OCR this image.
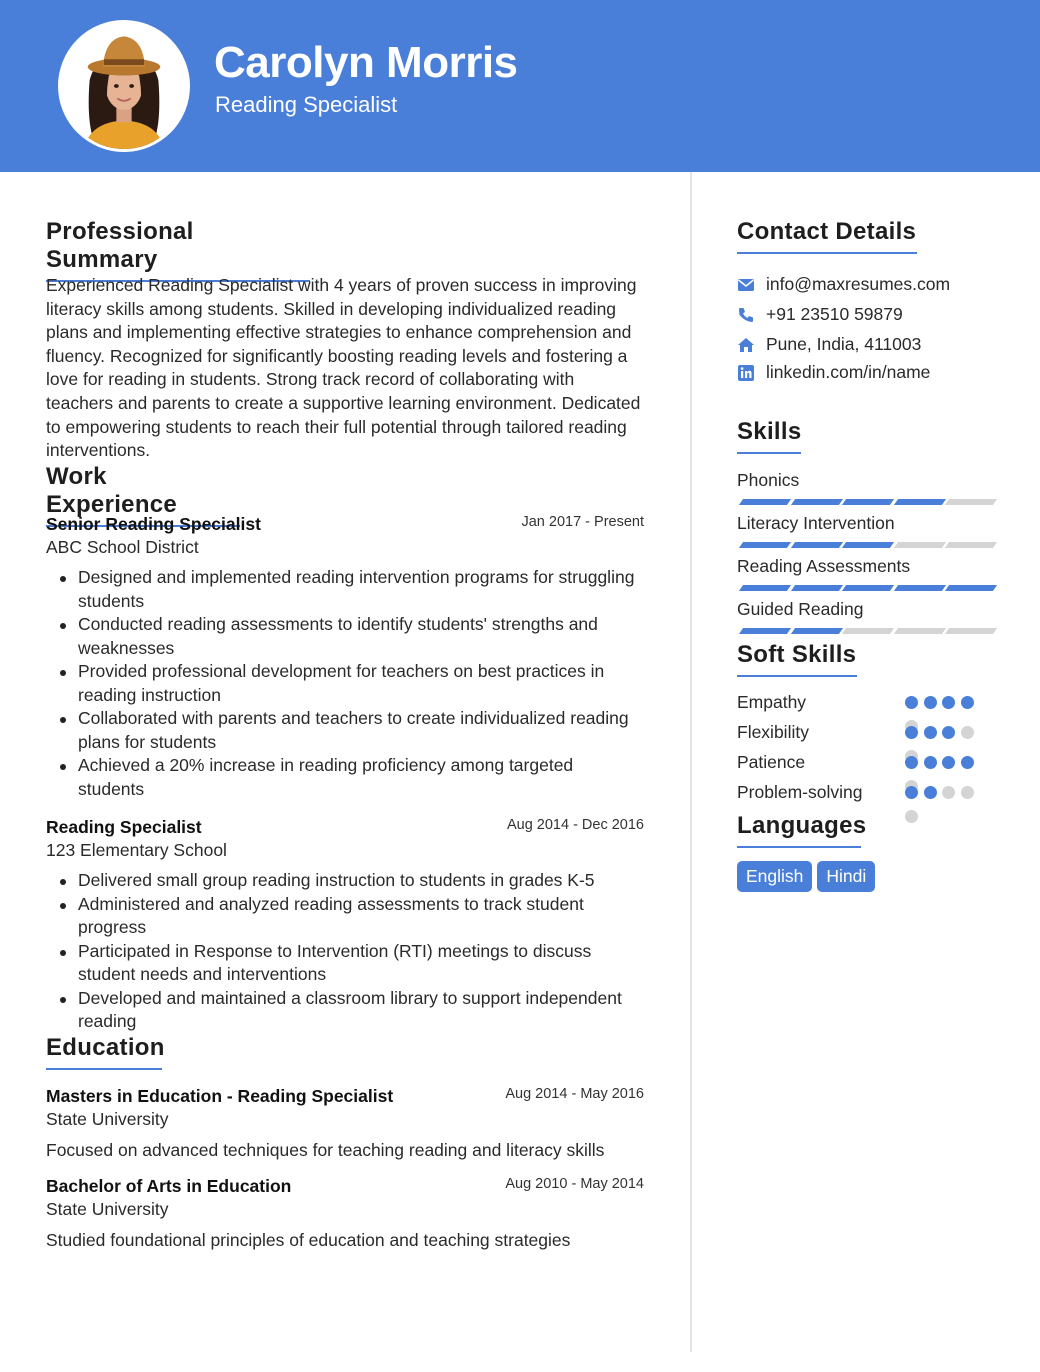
Carolyn Morris
Reading Specialist
Professional Summary
Experienced Reading Specialist with 4 years of proven success in improving literacy skills among students. Skilled in developing individualized reading plans and implementing effective strategies to enhance comprehension and fluency. Recognized for significantly boosting reading levels and fostering a love for reading in students. Strong track record of collaborating with teachers and parents to create a supportive learning environment. Dedicated to empowering students to reach their full potential through tailored reading interventions.
Work Experience
Senior Reading Specialist	Jan 2017 - Present
ABC School District
Designed and implemented reading intervention programs for struggling students
Conducted reading assessments to identify students' strengths and weaknesses
Provided professional development for teachers on best practices in reading instruction
Collaborated with parents and teachers to create individualized reading plans for students
Achieved a 20% increase in reading proficiency among targeted students
Reading Specialist	Aug 2014 - Dec 2016
123 Elementary School
Delivered small group reading instruction to students in grades K-5
Administered and analyzed reading assessments to track student progress
Participated in Response to Intervention (RTI) meetings to discuss student needs and interventions
Developed and maintained a classroom library to support independent reading
Education
Masters in Education - Reading Specialist	Aug 2014 - May 2016
State University
Focused on advanced techniques for teaching reading and literacy skills
Bachelor of Arts in Education	Aug 2010 - May 2014
State University
Studied foundational principles of education and teaching strategies
Contact Details
info@maxresumes.com
+91 23510 59879
Pune, India, 411003
linkedin.com/in/name
Skills
Phonics
Literacy Intervention
Reading Assessments
Guided Reading
Soft Skills
Empathy
Flexibility
Patience
Problem-solving
Languages
English Hindi
